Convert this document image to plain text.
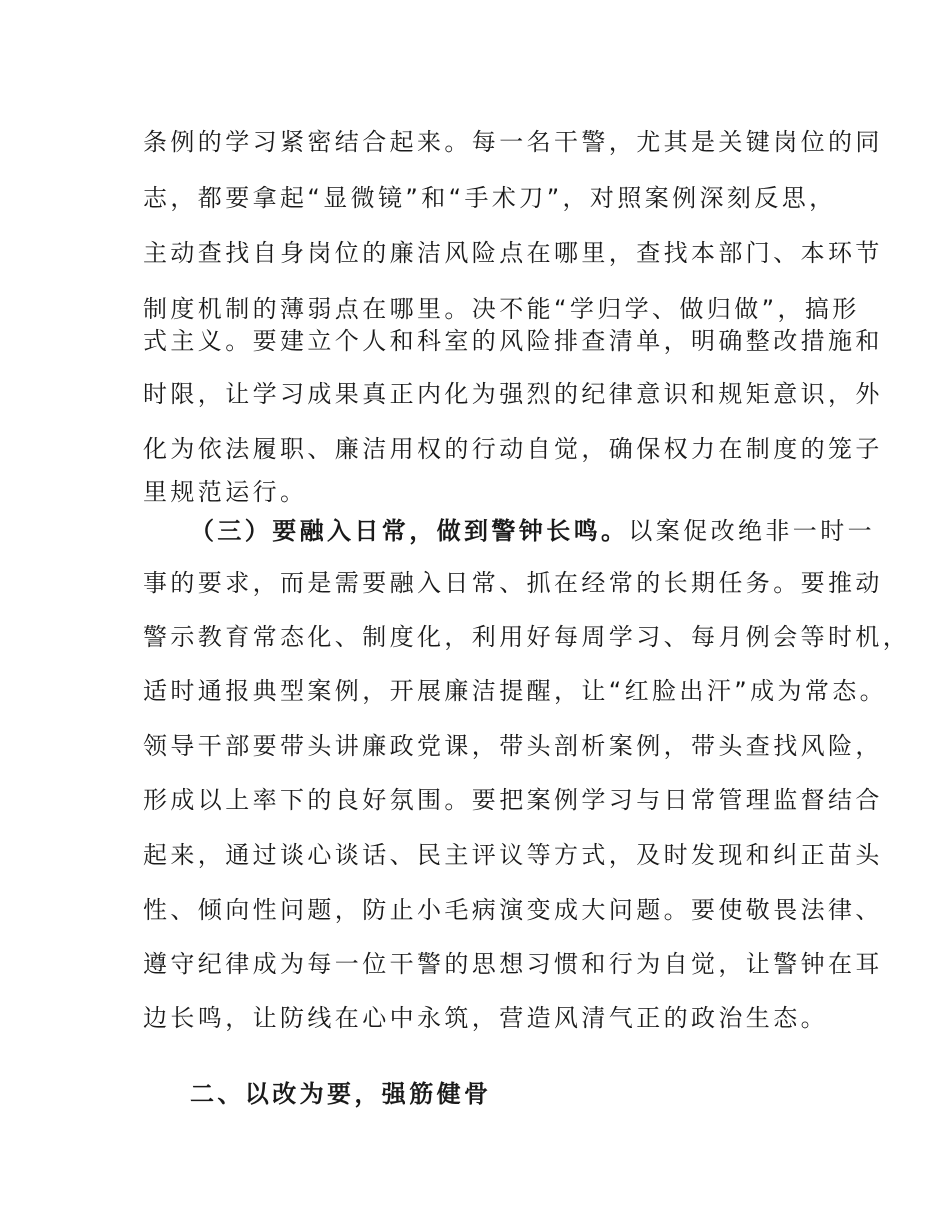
条例的学习紧密结合起来。每一名干警，尤其是关键岗位的同
志，都要拿起“显微镜”和“手术刀”，对照案例深刻反思，
主动查找自身岗位的廉洁风险点在哪里，查找本部门、本环节
制度机制的薄弱点在哪里。决不能“学归学、做归做”，搞形
式主义。要建立个人和科室的风险排查清单，明确整改措施和
时限，让学习成果真正内化为强烈的纪律意识和规矩意识，外
化为依法履职、廉洁用权的行动自觉，确保权力在制度的笼子
里规范运行。
（三）要融入日常，做到警钟长鸣。以案促改绝非一时一
事的要求，而是需要融入日常、抓在经常的长期任务。要推动
警示教育常态化、制度化，利用好每周学习、每月例会等时机，
适时通报典型案例，开展廉洁提醒，让“红脸出汗”成为常态。
领导干部要带头讲廉政党课，带头剖析案例，带头查找风险，
形成以上率下的良好氛围。要把案例学习与日常管理监督结合
起来，通过谈心谈话、民主评议等方式，及时发现和纠正苗头
性、倾向性问题，防止小毛病演变成大问题。要使敬畏法律、
遵守纪律成为每一位干警的思想习惯和行为自觉，让警钟在耳
边长鸣，让防线在心中永筑，营造风清气正的政治生态。
二、以改为要，强筋健骨
